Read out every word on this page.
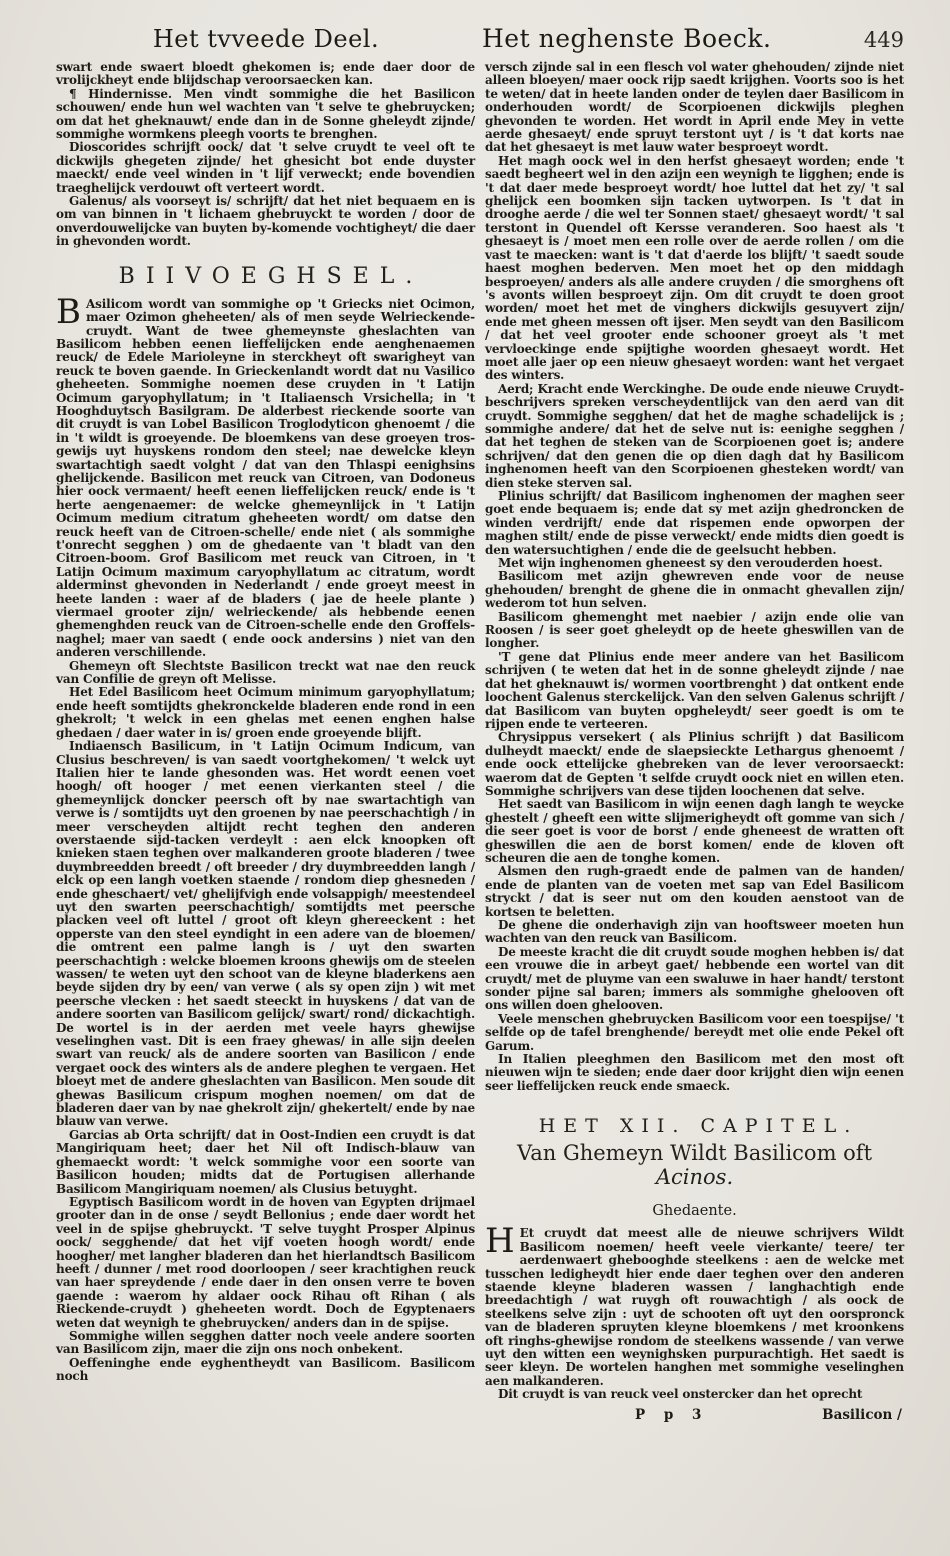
Het tvveede Deel.	Het neghenste Boeck.	449

swart ende swaert bloedt ghekomen is; ende daer door de vrolijckheyt ende blijdschap veroorsaecken kan.

¶ Hindernisse. Men vindt sommighe die het Basilicon schouwen/ ende hun wel wachten van 't selve te ghebruycken; om dat het gheknauwt/ ende dan in de Sonne gheleydt zijnde/ sommighe wormkens pleegh voorts te brenghen.

Dioscorides schrijft oock/ dat 't selve cruydt te veel oft te dickwijls ghegeten zijnde/ het ghesicht bot ende duyster maeckt/ ende veel winden in 't lijf verweckt; ende bovendien traeghelijck verdouwt oft verteert wordt.

Galenus/ als voorseyt is/ schrijft/ dat het niet bequaem en is om van binnen in 't lichaem ghebruyckt te worden / door de onverdouwelijcke van buyten by-komende vochtigheyt/ die daer in ghevonden wordt.

BIIVOEGHSEL.

B Asilicom wordt van sommighe op 't Griecks niet Ocimon, maer Ozimon gheheeten/ als of men seyde Welrieckende-cruydt. Want de twee ghemeynste gheslachten van Basilicom hebben eenen lieffelijcken ende aenghenaemen reuck/ de Edele Marioleyne in sterckheyt oft swarigheyt van reuck te boven gaende. In Grieckenlandt wordt dat nu Vasilico gheheeten. Sommighe noemen dese cruyden in 't Latijn Ocimum garyophyllatum; in 't Italiaensch Vrsichella; in 't Hooghduytsch Basilgram. De alderbest rieckende soorte van dit cruydt is van Lobel Basilicon Troglodyticon ghenoemt / die in 't wildt is groeyende. De bloemkens van dese groeyen tros-gewijs uyt huyskens rondom den steel; nae dewelcke kleyn swartachtigh saedt volght / dat van den Thlaspi eenighsins ghelijckende. Basilicon met reuck van Citroen, van Dodoneus hier oock vermaent/ heeft eenen lieffelijcken reuck/ ende is 't herte aengenaemer: de welcke ghemeynlijck in 't Latijn Ocimum medium citratum gheheeten wordt/ om datse den reuck heeft van de Citroen-schelle/ ende niet ( als sommighe t'onrecht segghen ) om de ghedaente van 't bladt van den Citroen-boom. Grof Basilicom met reuck van Citroen, in 't Latijn Ocimum maximum caryophyllatum ac citratum, wordt alderminst ghevonden in Nederlandt / ende groeyt meest in heete landen : waer af de bladers ( jae de heele plante ) viermael grooter zijn/ welrieckende/ als hebbende eenen ghemenghden reuck van de Citroen-schelle ende den Groffels-naghel; maer van saedt ( ende oock andersins ) niet van den anderen verschillende.

Ghemeyn oft Slechtste Basilicon treckt wat nae den reuck van Confilie de greyn oft Melisse.

Het Edel Basilicom heet Ocimum minimum garyophyllatum; ende heeft somtijdts ghekronckelde bladeren ende rond in een ghekrolt; 't welck in een ghelas met eenen enghen halse ghedaen / daer water in is/ groen ende groeyende blijft.

Indiaensch Basilicum, in 't Latijn Ocimum Indicum, van Clusius beschreven/ is van saedt voortghekomen/ 't welck uyt Italien hier te lande ghesonden was. Het wordt eenen voet hoogh/ oft hooger / met eenen vierkanten steel / die ghemeynlijck doncker peersch oft by nae swartachtigh van verwe is / somtijdts uyt den groenen by nae peerschachtigh / in meer verscheyden altijdt recht teghen den anderen overstaende sijd-tacken verdeylt : aen elck knoopken oft knieken staen teghen over malkanderen groote bladeren / twee duymbreedden breedt / oft breeder / dry duymbreedden langh / elck op een langh voetken staende / rondom diep ghesneden / ende gheschaert/ vet/ ghelijfvigh ende volsappigh/ meestendeel uyt den swarten peerschachtigh/ somtijdts met peersche placken veel oft luttel / groot oft kleyn ghereeckent : het opperste van den steel eyndight in een adere van de bloemen/ die omtrent een palme langh is / uyt den swarten peerschachtigh : welcke bloemen kroons ghewijs om de steelen wassen/ te weten uyt den schoot van de kleyne bladerkens aen beyde sijden dry by een/ van verwe ( als sy open zijn ) wit met peersche vlecken : het saedt steeckt in huyskens / dat van de andere soorten van Basilicom gelijck/ swart/ rond/ dickachtigh. De wortel is in der aerden met veele hayrs ghewijse veselinghen vast. Dit is een fraey ghewas/ in alle sijn deelen swart van reuck/ als de andere soorten van Basilicon / ende vergaet oock des winters als de andere pleghen te vergaen. Het bloeyt met de andere gheslachten van Basilicon. Men soude dit ghewas Basilicum crispum moghen noemen/ om dat de bladeren daer van by nae ghekrolt zijn/ ghekertelt/ ende by nae blauw van verwe.

Garcias ab Orta schrijft/ dat in Oost-Indien een cruydt is dat Mangiriquam heet; daer het Nil oft Indisch-blauw van ghemaeckt wordt: 't welck sommighe voor een soorte van Basilicon houden; midts dat de Portugisen allerhande Basilicom Mangiriquam noemen/ als Clusius betuyght.

Egyptisch Basilicom wordt in de hoven van Egypten drijmael grooter dan in de onse / seydt Bellonius ; ende daer wordt het veel in de spijse ghebruyckt. 'T selve tuyght Prosper Alpinus oock/ segghende/ dat het vijf voeten hoogh wordt/ ende hoogher/ met langher bladeren dan het hierlandtsch Basilicom heeft / dunner / met rood doorloopen / seer krachtighen reuck van haer spreydende / ende daer in den onsen verre te boven gaende : waerom hy aldaer oock Rihau oft Rihan ( als Rieckende-cruydt ) gheheeten wordt. Doch de Egyptenaers weten dat weynigh te ghebruycken/ anders dan in de spijse.

Sommighe willen segghen datter noch veele andere soorten van Basilicom zijn, maer die zijn ons noch onbekent.

Oeffeninghe ende eyghentheydt van Basilicom. Basilicom noch

versch zijnde sal in een flesch vol water ghehouden/ zijnde niet alleen bloeyen/ maer oock rijp saedt krijghen. Voorts soo is het te weten/ dat in heete landen onder de teylen daer Basilicom in onderhouden wordt/ de Scorpioenen dickwijls pleghen ghevonden te worden. Het wordt in April ende Mey in vette aerde ghesaeyt/ ende spruyt terstont uyt / is 't dat korts nae dat het ghesaeyt is met lauw water besproeyt wordt.

Het magh oock wel in den herfst ghesaeyt worden; ende 't saedt begheert wel in den azijn een weynigh te ligghen; ende is 't dat daer mede besproeyt wordt/ hoe luttel dat het zy/ 't sal ghelijck een boomken sijn tacken uytworpen. Is 't dat in drooghe aerde / die wel ter Sonnen staet/ ghesaeyt wordt/ 't sal terstont in Quendel oft Kersse veranderen. Soo haest als 't ghesaeyt is / moet men een rolle over de aerde rollen / om die vast te maecken: want is 't dat d'aerde los blijft/ 't saedt soude haest moghen bederven. Men moet het op den middagh besproeyen/ anders als alle andere cruyden / die smorghens oft 's avonts willen besproeyt zijn. Om dit cruydt te doen groot worden/ moet het met de vinghers dickwijls gesuyvert zijn/ ende met gheen messen oft ijser. Men seydt van den Basilicom / dat het veel grooter ende schooner groeyt als 't met vervloeckinge ende spijtighe woorden ghesaeyt wordt. Het moet alle jaer op een nieuw ghesaeyt worden: want het vergaet des winters.

Aerd; Kracht ende Werckinghe. De oude ende nieuwe Cruydt-beschrijvers spreken verscheydentlijck van den aerd van dit cruydt. Sommighe segghen/ dat het de maghe schadelijck is ; sommighe andere/ dat het de selve nut is: eenighe segghen / dat het teghen de steken van de Scorpioenen goet is; andere schrijven/ dat den genen die op dien dagh dat hy Basilicom inghenomen heeft van den Scorpioenen ghesteken wordt/ van dien steke sterven sal.

Plinius schrijft/ dat Basilicom inghenomen der maghen seer goet ende bequaem is; ende dat sy met azijn ghedroncken de winden verdrijft/ ende dat rispemen ende opworpen der maghen stilt/ ende de pisse verweckt/ ende midts dien goedt is den watersuchtighen / ende die de geelsucht hebben.

Met wijn inghenomen gheneest sy den verouderden hoest.

Basilicom met azijn ghewreven ende voor de neuse ghehouden/ brenght de ghene die in onmacht ghevallen zijn/ wederom tot hun selven.

Basilicom ghemenght met naebier / azijn ende olie van Roosen / is seer goet gheleydt op de heete gheswillen van de longher.

'T gene dat Plinius ende meer andere van het Basilicom schrijven ( te weten dat het in de sonne gheleydt zijnde / nae dat het gheknauwt is/ wormen voortbrenght ) dat ontkent ende loochent Galenus sterckelijck. Van den selven Galenus schrijft / dat Basilicom van buyten opgheleydt/ seer goedt is om te rijpen ende te verteeren.

Chrysippus versekert ( als Plinius schrijft ) dat Basilicom dulheydt maeckt/ ende de slaepsieckte Lethargus ghenoemt / ende oock ettelijcke ghebreken van de lever veroorsaeckt: waerom dat de Gepten 't selfde cruydt oock niet en willen eten. Sommighe schrijvers van dese tijden loochenen dat selve.

Het saedt van Basilicom in wijn eenen dagh langh te weycke ghestelt / gheeft een witte slijmerigheydt oft gomme van sich / die seer goet is voor de borst / ende gheneest de wratten oft gheswillen die aen de borst komen/ ende de kloven oft scheuren die aen de tonghe komen.

Alsmen den rugh-graedt ende de palmen van de handen/ ende de planten van de voeten met sap van Edel Basilicom stryckt / dat is seer nut om den kouden aenstoot van de kortsen te beletten.

De ghene die onderhavigh zijn van hooftsweer moeten hun wachten van den reuck van Basilicom.

De meeste kracht die dit cruydt soude moghen hebben is/ dat een vrouwe die in arbeyt gaet/ hebbende een wortel van dit cruydt/ met de pluyme van een swaluwe in haer handt/ terstont sonder pijne sal baren; immers als sommighe ghelooven oft ons willen doen ghelooven.

Veele menschen ghebruycken Basilicom voor een toespijse/ 't selfde op de tafel brenghende/ bereydt met olie ende Pekel oft Garum.

In Italien pleeghmen den Basilicom met den most oft nieuwen wijn te sieden; ende daer door krijght dien wijn eenen seer lieffelijcken reuck ende smaeck.

HET XII. CAPITEL.
Van Ghemeyn Wildt Basilicom oft Acinos.
Ghedaente.

H Et cruydt dat meest alle de nieuwe schrijvers Wildt Basilicom noemen/ heeft veele vierkante/ teere/ ter aerdenwaert ghebooghde steelkens : aen de welcke met tusschen ledigheydt hier ende daer teghen over den anderen staende kleyne bladeren wassen / langhachtigh ende breedachtigh / wat ruygh oft rouwachtigh / als oock de steelkens selve zijn : uyt de schooten oft uyt den oorspronck van de bladeren spruyten kleyne bloemkens / met kroonkens oft ringhs-ghewijse rondom de steelkens wassende / van verwe uyt den witten een weynighsken purpurachtigh. Het saedt is seer kleyn. De wortelen hanghen met sommighe veselinghen aen malkanderen.

Dit cruydt is van reuck veel onstercker dan het oprecht

P p 3	Basilicon /
